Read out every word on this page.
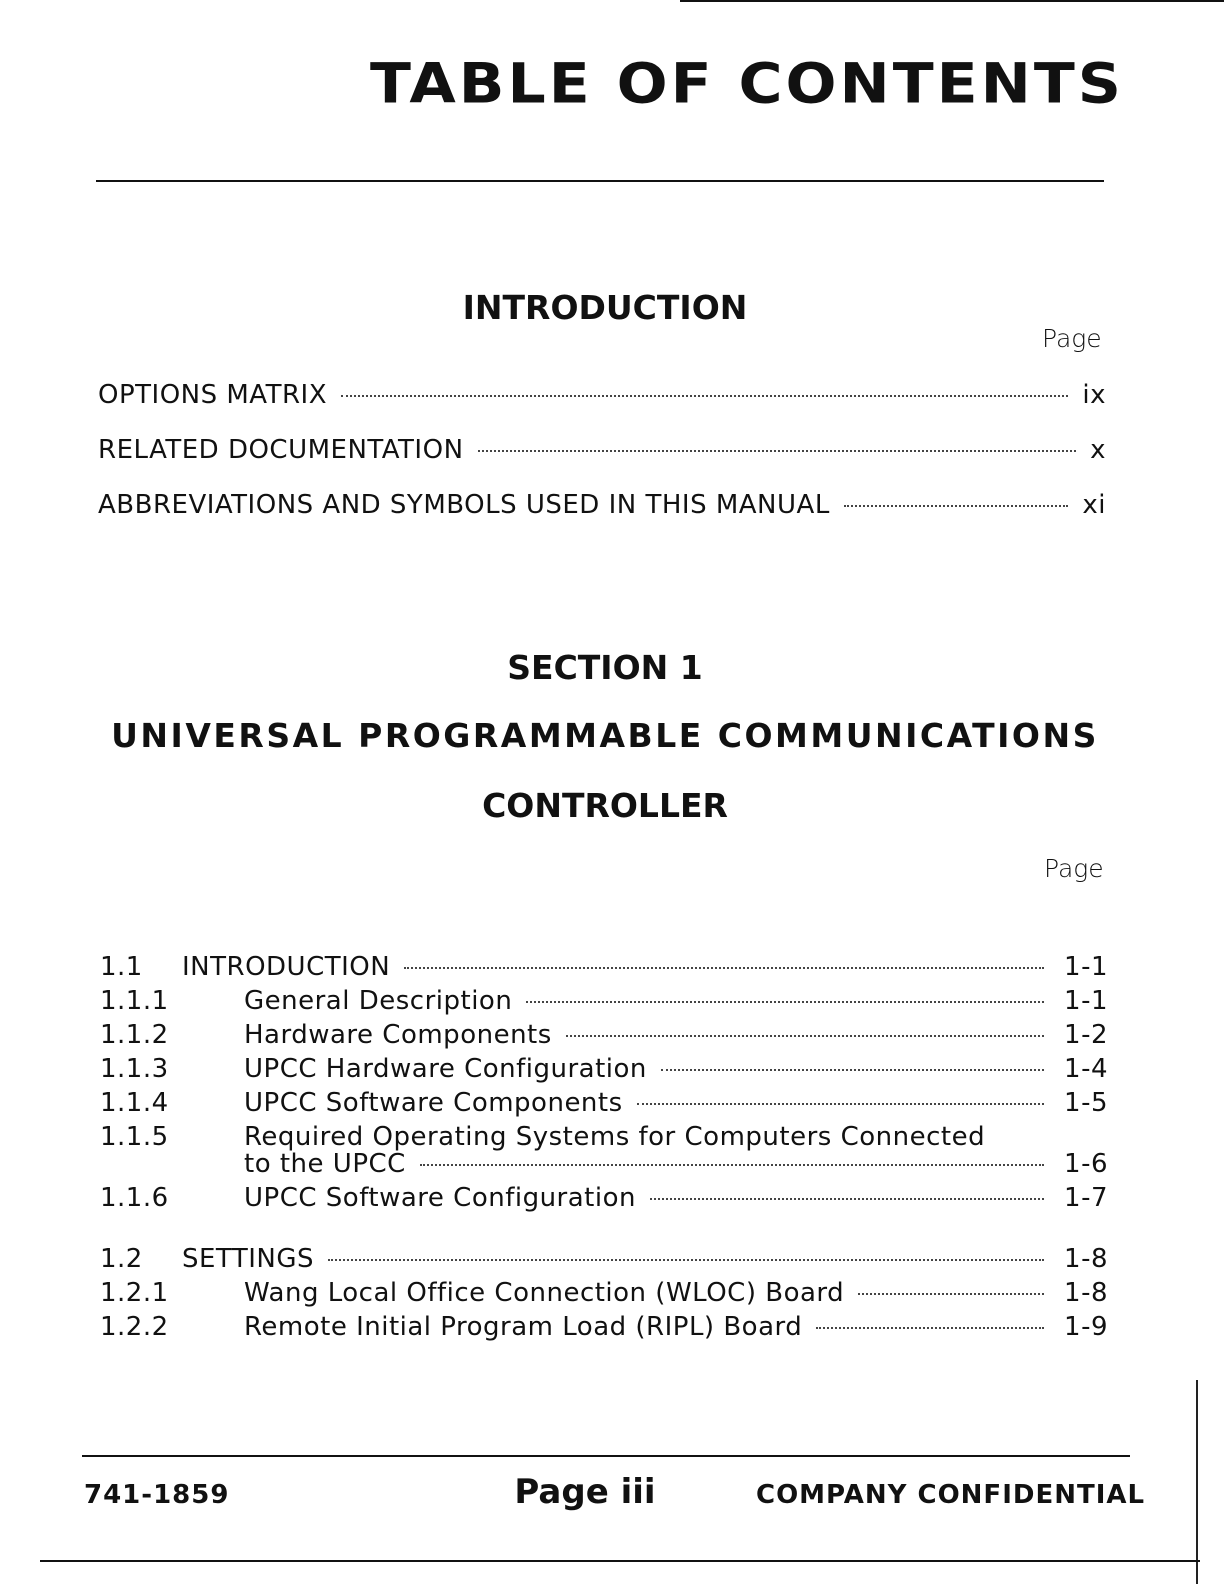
TABLE OF CONTENTS
INTRODUCTION
Page
OPTIONS MATRIX	ix
RELATED DOCUMENTATION	x
ABBREVIATIONS AND SYMBOLS USED IN THIS MANUAL	xi
SECTION 1
UNIVERSAL PROGRAMMABLE COMMUNICATIONS
CONTROLLER
Page
1.1	INTRODUCTION	1-1
1.1.1	General Description	1-1
1.1.2	Hardware Components	1-2
1.1.3	UPCC Hardware Configuration	1-4
1.1.4	UPCC Software Components	1-5
1.1.5	Required Operating Systems for Computers Connected
to the UPCC	1-6
1.1.6	UPCC Software Configuration	1-7
1.2	SETTINGS	1-8
1.2.1	Wang Local Office Connection (WLOC) Board	1-8
1.2.2	Remote Initial Program Load (RIPL) Board	1-9
741-1859	Page iii	COMPANY CONFIDENTIAL
